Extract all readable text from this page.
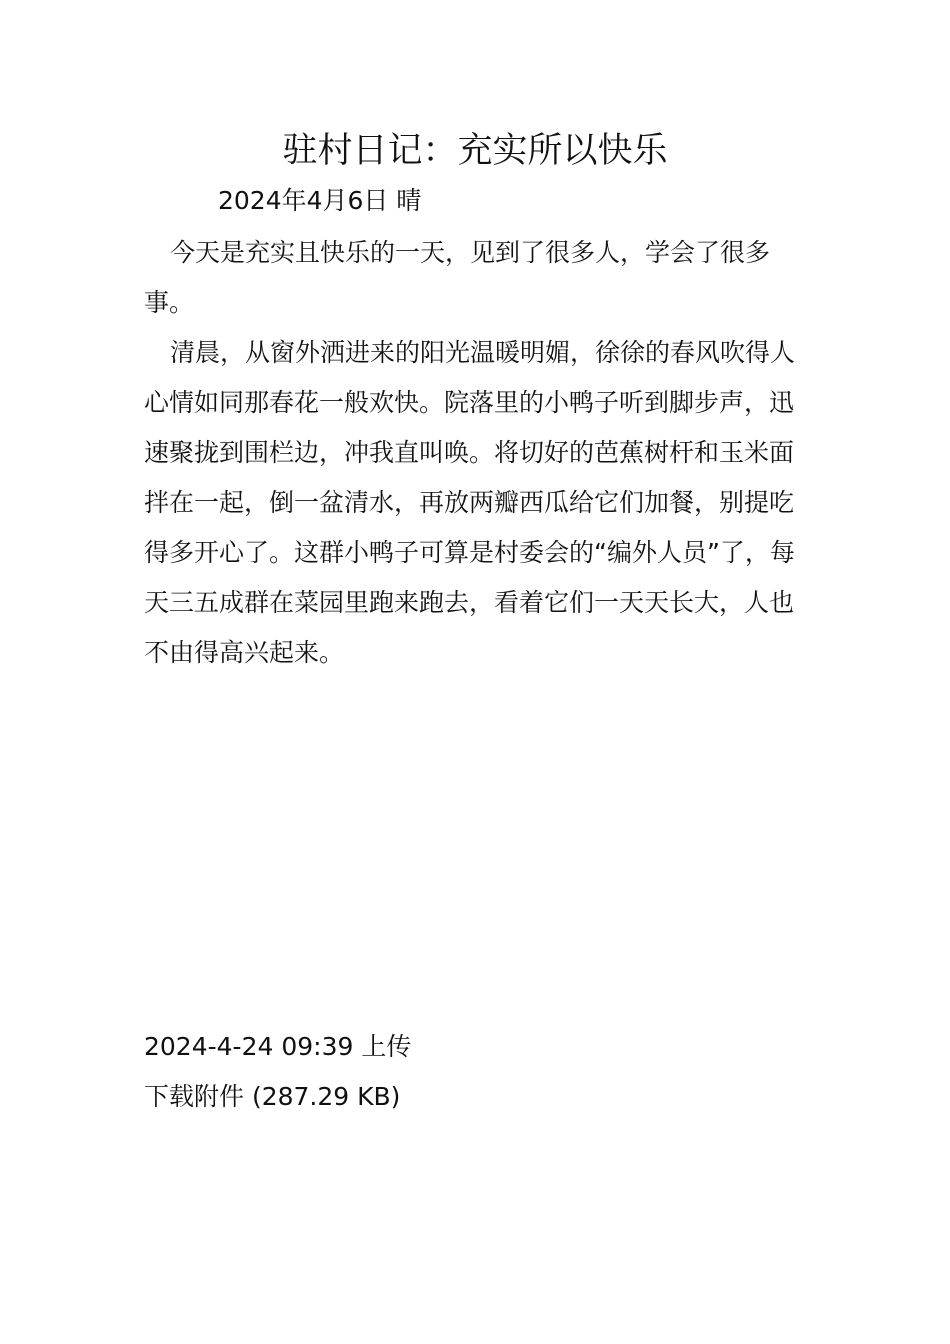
驻村日记：充实所以快乐
2024年4月6日 晴

今天是充实且快乐的一天，见到了很多人，学会了很多事。

清晨，从窗外洒进来的阳光温暖明媚，徐徐的春风吹得人心情如同那春花一般欢快。院落里的小鸭子听到脚步声，迅速聚拢到围栏边，冲我直叫唤。将切好的芭蕉树杆和玉米面拌在一起，倒一盆清水，再放两瓣西瓜给它们加餐，别提吃得多开心了。这群小鸭子可算是村委会的“编外人员”了，每天三五成群在菜园里跑来跑去，看着它们一天天长大，人也不由得高兴起来。

2024-4-24 09:39 上传
下载附件 (287.29 KB)
